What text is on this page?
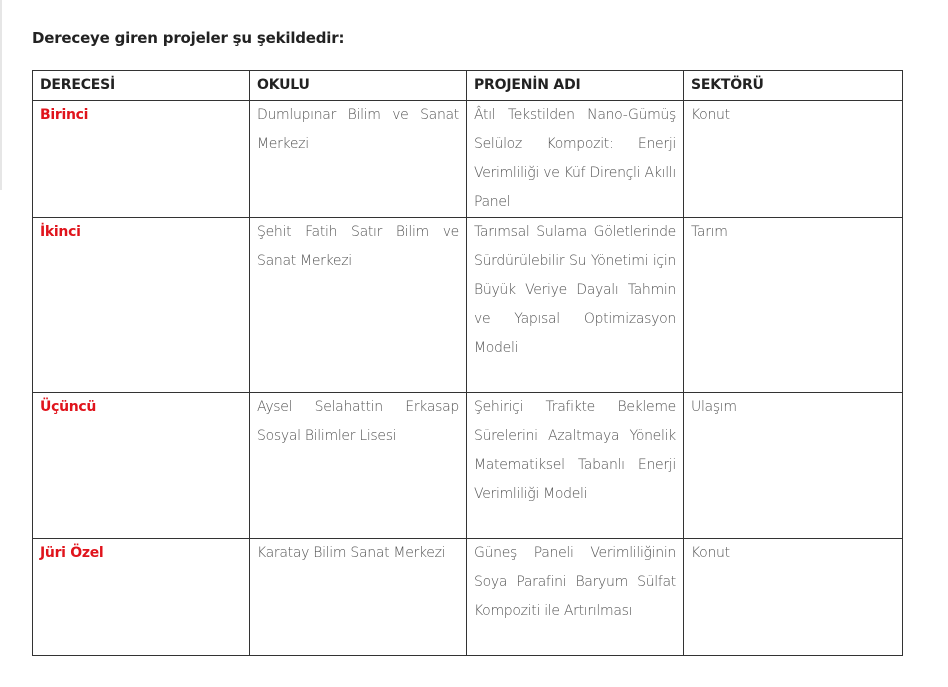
Dereceye giren projeler şu şekildedir:

DERECESİ	OKULU	PROJENİN ADI	SEKTÖRÜ
Birinci	Dumlupınar Bilim ve Sanat Merkezi	Âtıl Tekstilden Nano-Gümüş Selüloz Kompozit: Enerji Verimliliği ve Küf Dirençli Akıllı Panel	Konut
İkinci	Şehit Fatih Satır Bilim ve Sanat Merkezi	Tarımsal Sulama Göletlerinde Sürdürülebilir Su Yönetimi için Büyük Veriye Dayalı Tahmin ve Yapısal Optimizasyon Modeli	Tarım
Üçüncü	Aysel Selahattin Erkasap Sosyal Bilimler Lisesi	Şehiriçi Trafikte Bekleme Sürelerini Azaltmaya Yönelik Matematiksel Tabanlı Enerji Verimliliği Modeli	Ulaşım
Jüri Özel	Karatay Bilim Sanat Merkezi	Güneş Paneli Verimliliğinin Soya Parafini Baryum Sülfat Kompoziti ile Artırılması	Konut
